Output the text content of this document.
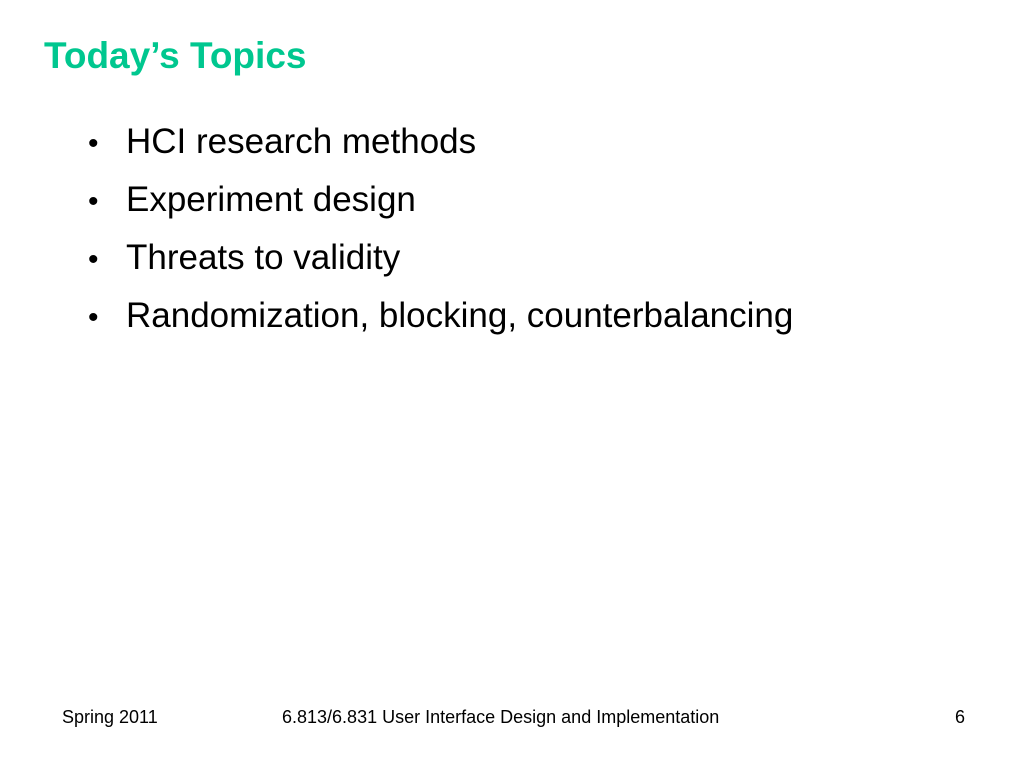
Today’s Topics
• HCI research methods
• Experiment design
• Threats to validity
• Randomization, blocking, counterbalancing
Spring 2011	6.813/6.831 User Interface Design and Implementation	6
